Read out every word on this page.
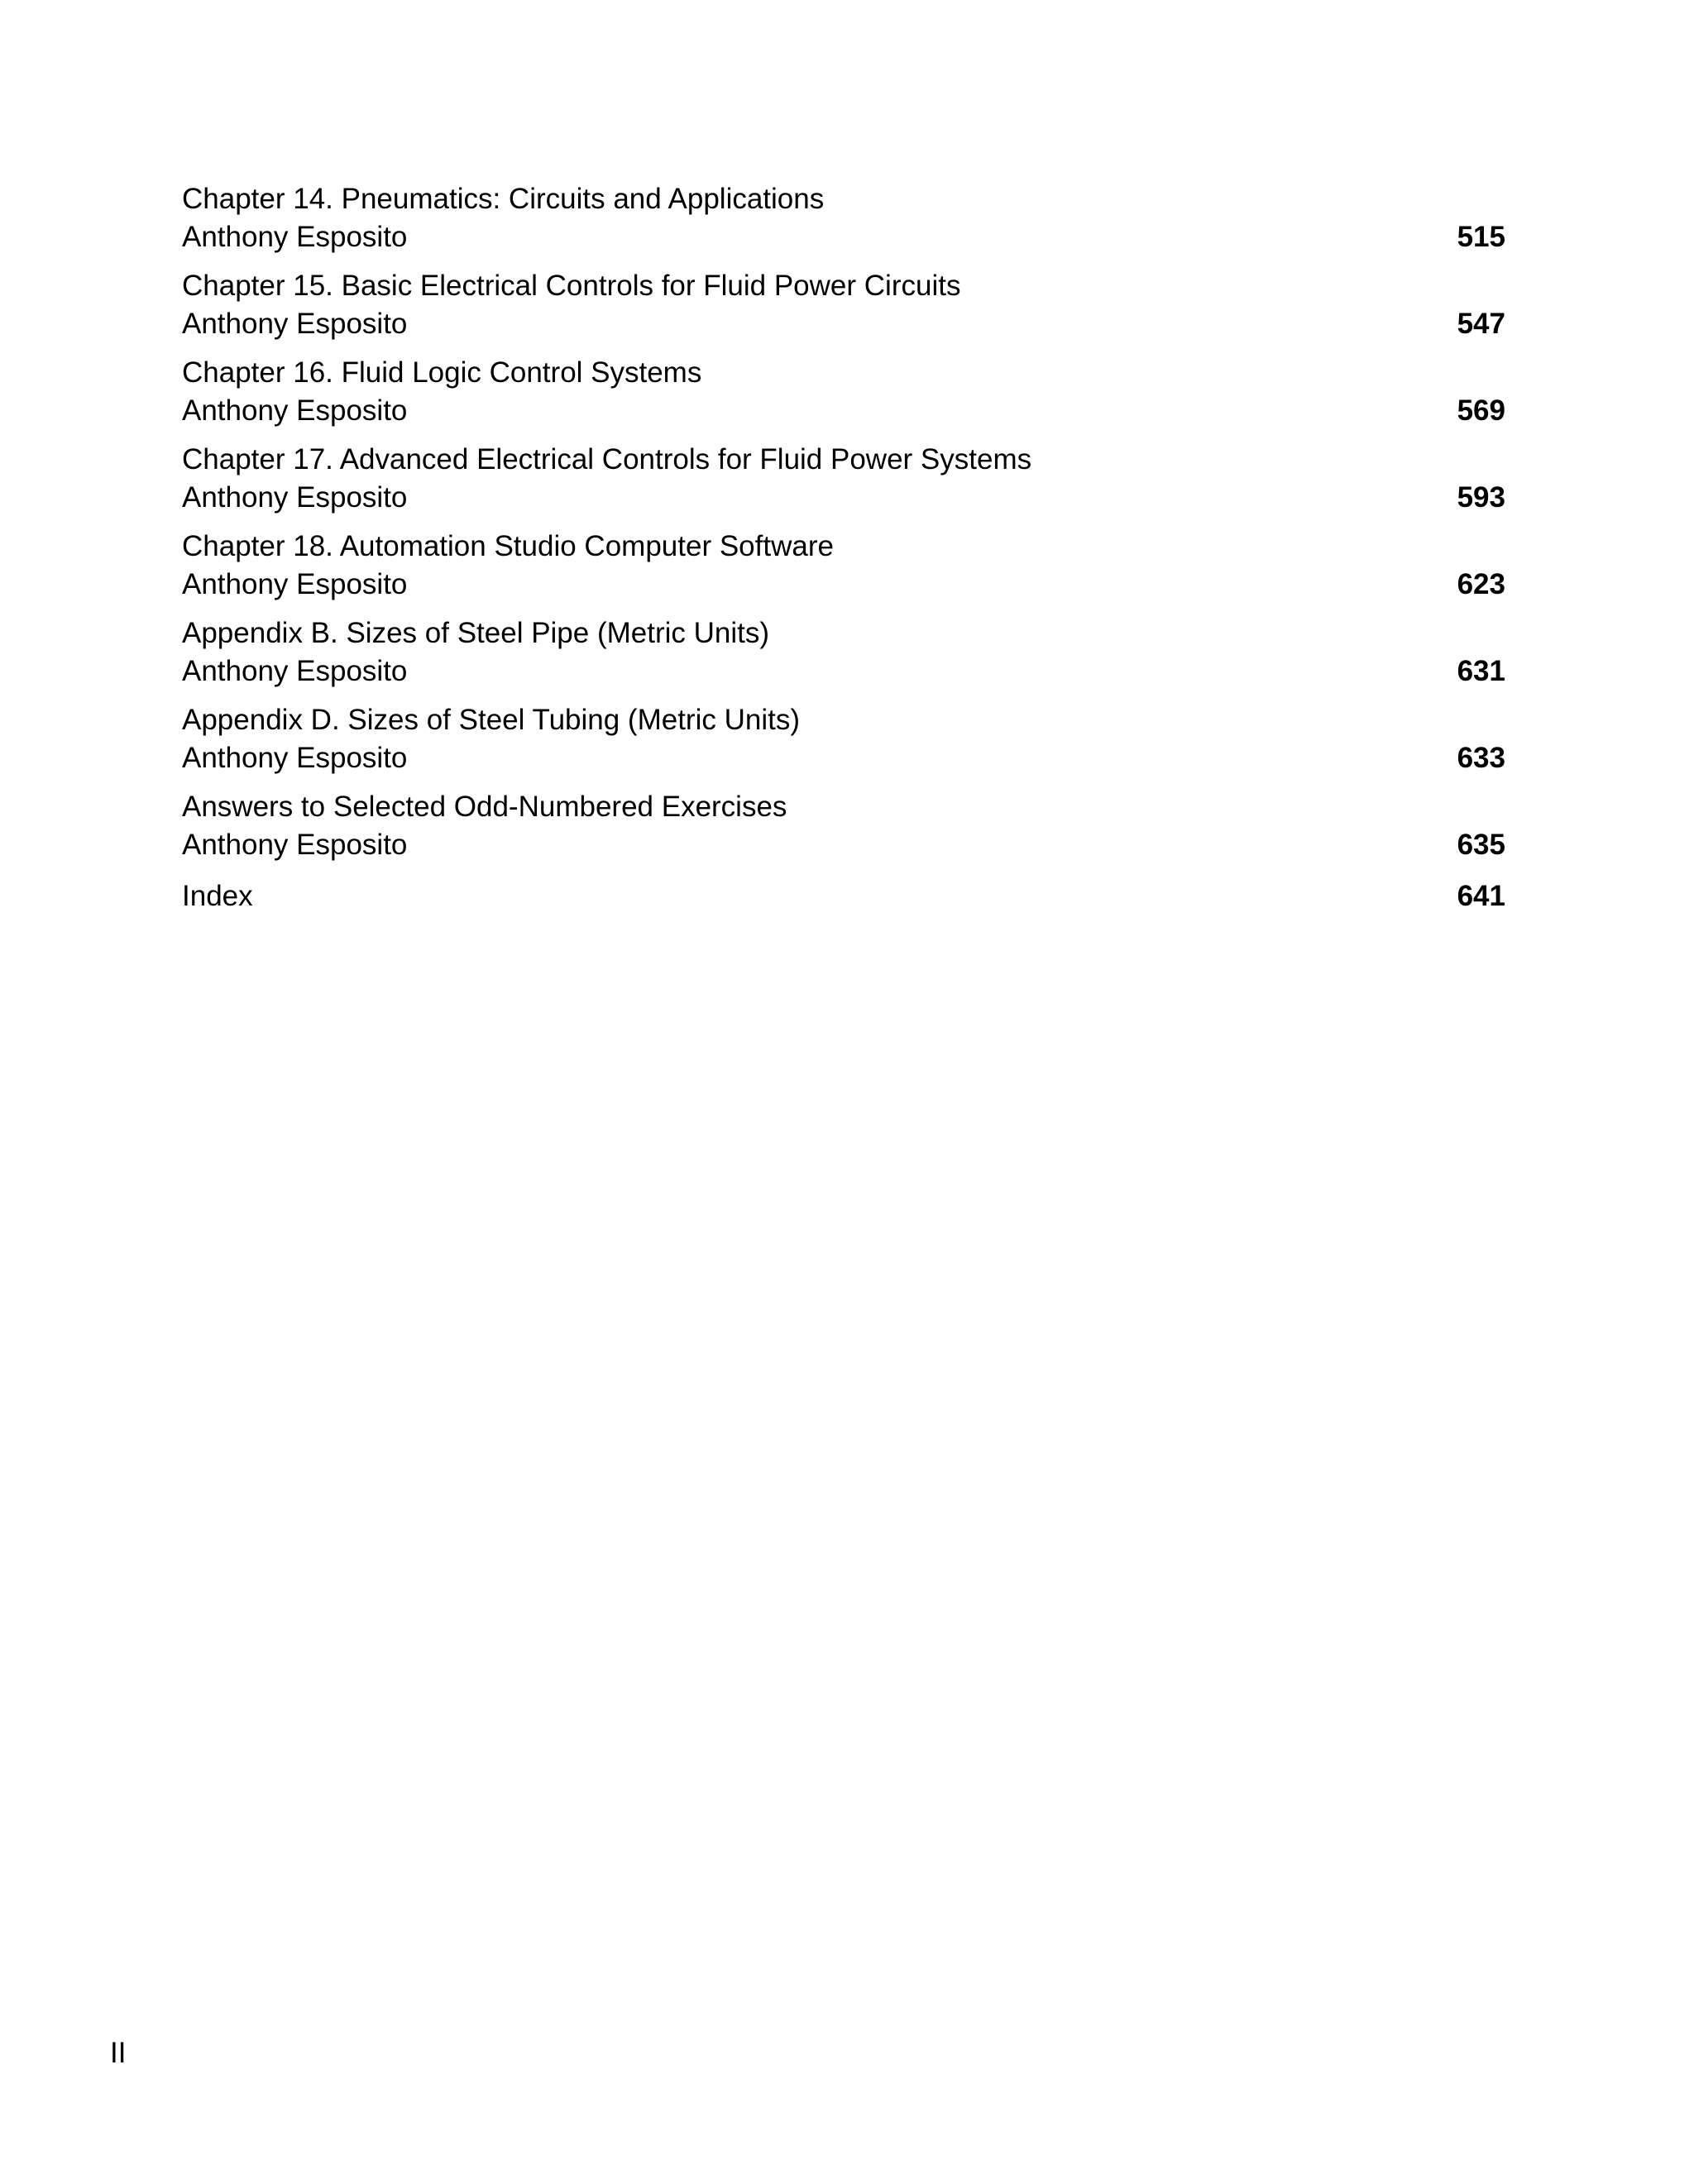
Chapter 14. Pneumatics: Circuits and Applications
Anthony Esposito	515
Chapter 15. Basic Electrical Controls for Fluid Power Circuits
Anthony Esposito	547
Chapter 16. Fluid Logic Control Systems
Anthony Esposito	569
Chapter 17. Advanced Electrical Controls for Fluid Power Systems
Anthony Esposito	593
Chapter 18. Automation Studio Computer Software
Anthony Esposito	623
Appendix B. Sizes of Steel Pipe (Metric Units)
Anthony Esposito	631
Appendix D. Sizes of Steel Tubing (Metric Units)
Anthony Esposito	633
Answers to Selected Odd-Numbered Exercises
Anthony Esposito	635
Index	641
II
